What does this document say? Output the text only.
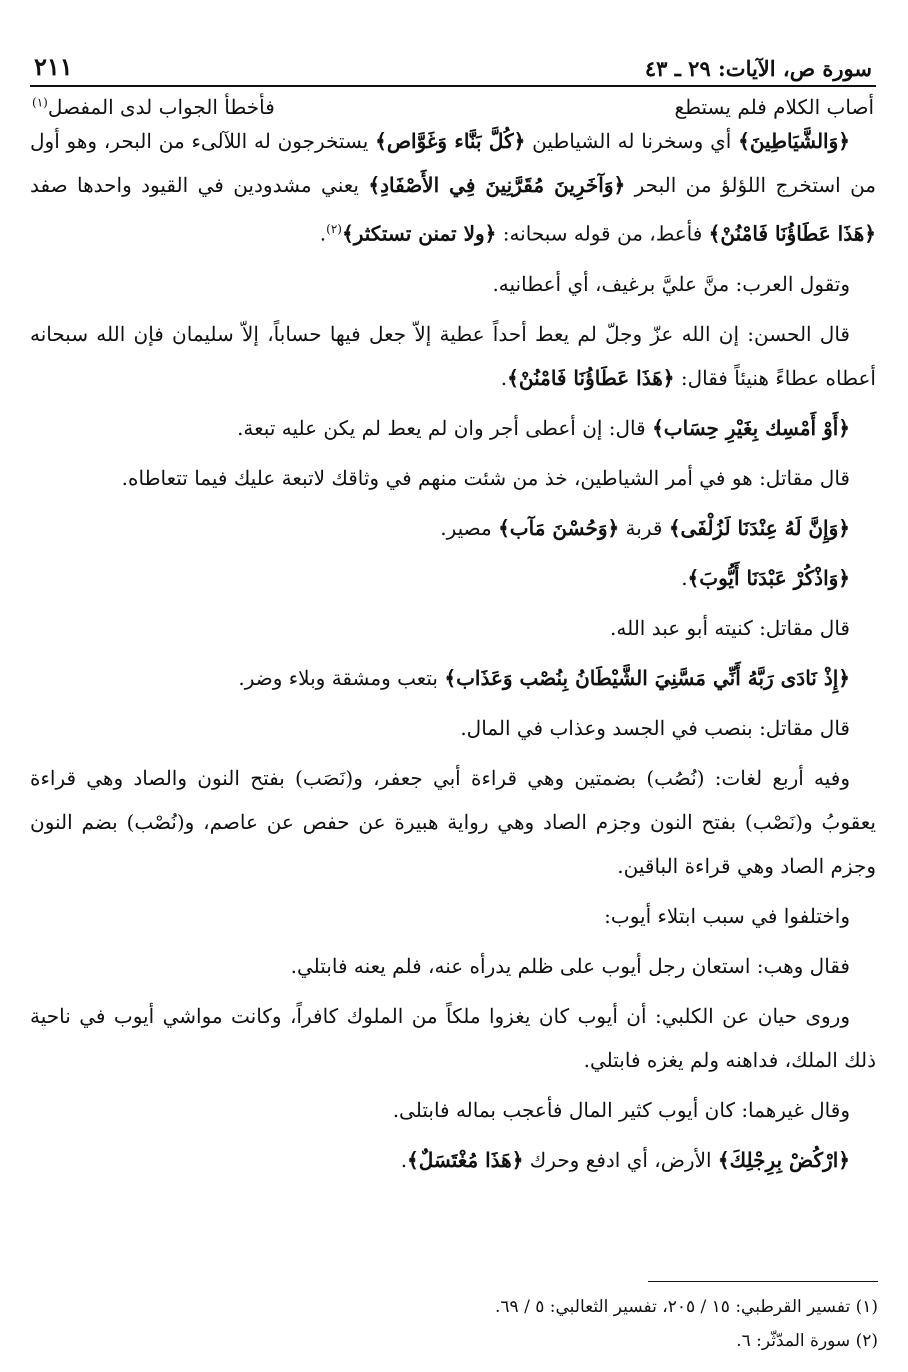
سورة ص، الآيات: ٢٩ ـ ٤٣
٢١١
أصاب الكلام فلم يستطع
فأخطأ الجواب لدى المفصل$^{(١)}$

﴿وَالشَّيَاطِينَ﴾ أي وسخرنا له الشياطين ﴿كُلَّ بَنَّاء وَغَوَّاص﴾ يستخرجون له اللآلىء من البحر، وهو أول من استخرج اللؤلؤ من البحر ﴿وَآخَرِينَ مُقَرَّنِينَ فِي الأَصْفَادِ﴾ يعني مشدودين في القيود واحدها صفد ﴿هَذَا عَطَاؤُنَا فَامْنُنْ﴾ فأعط، من قوله سبحانه: ﴿ولا تمنن تستكثر﴾$^{(٢)}$.

وتقول العرب: منَّ عليَّ برغيف، أي أعطانيه.

قال الحسن: إن الله عزّ وجلّ لم يعط أحداً عطية إلاّ جعل فيها حساباً، إلاّ سليمان فإن الله سبحانه أعطاه عطاءً هنيئاً فقال: ﴿هَذَا عَطَاؤُنَا فَامْنُنْ﴾.

﴿أَوْ أَمْسِك بِغَيْرِ حِسَاب﴾ قال: إن أعطى أجر وان لم يعط لم يكن عليه تبعة.

قال مقاتل: هو في أمر الشياطين، خذ من شئت منهم في وثاقك لاتبعة عليك فيما تتعاطاه.

﴿وَإِنَّ لَهُ عِنْدَنَا لَزُلْفَى﴾ قربة ﴿وَحُسْنَ مَآب﴾ مصير.

﴿وَاذْكُرْ عَبْدَنَا أَيُّوبَ﴾.

قال مقاتل: كنيته أبو عبد الله.

﴿إِذْ نَادَى رَبَّهُ أَنِّي مَسَّنِيَ الشَّيْطَانُ بِنُصْب وَعَذَاب﴾ بتعب ومشقة وبلاء وضر.

قال مقاتل: بنصب في الجسد وعذاب في المال.

وفيه أربع لغات: (نُصُب) بضمتين وهي قراءة أبي جعفر، و(نَصَب) بفتح النون والصاد وهي قراءة يعقوبُ و(نَصْب) بفتح النون وجزم الصاد وهي رواية هبيرة عن حفص عن عاصم، و(نُصْب) بضم النون وجزم الصاد وهي قراءة الباقين.

واختلفوا في سبب ابتلاء أيوب:

فقال وهب: استعان رجل أيوب على ظلم يدرأه عنه، فلم يعنه فابتلي.

وروى حيان عن الكلبي: أن أيوب كان يغزوا ملكاً من الملوك كافراً، وكانت مواشي أيوب في ناحية ذلك الملك، فداهنه ولم يغزه فابتلي.

وقال غيرهما: كان أيوب كثير المال فأعجب بماله فابتلى.

﴿ارْكُضْ بِرِجْلِكَ﴾ الأرض، أي ادفع وحرك ﴿هَذَا مُغْتَسَلٌ﴾.

(١) تفسير القرطبي: ١٥ / ٢٠٥، تفسير الثعالبي: ٥ / ٦٩.

(٢) سورة المدّثّر: ٦.
